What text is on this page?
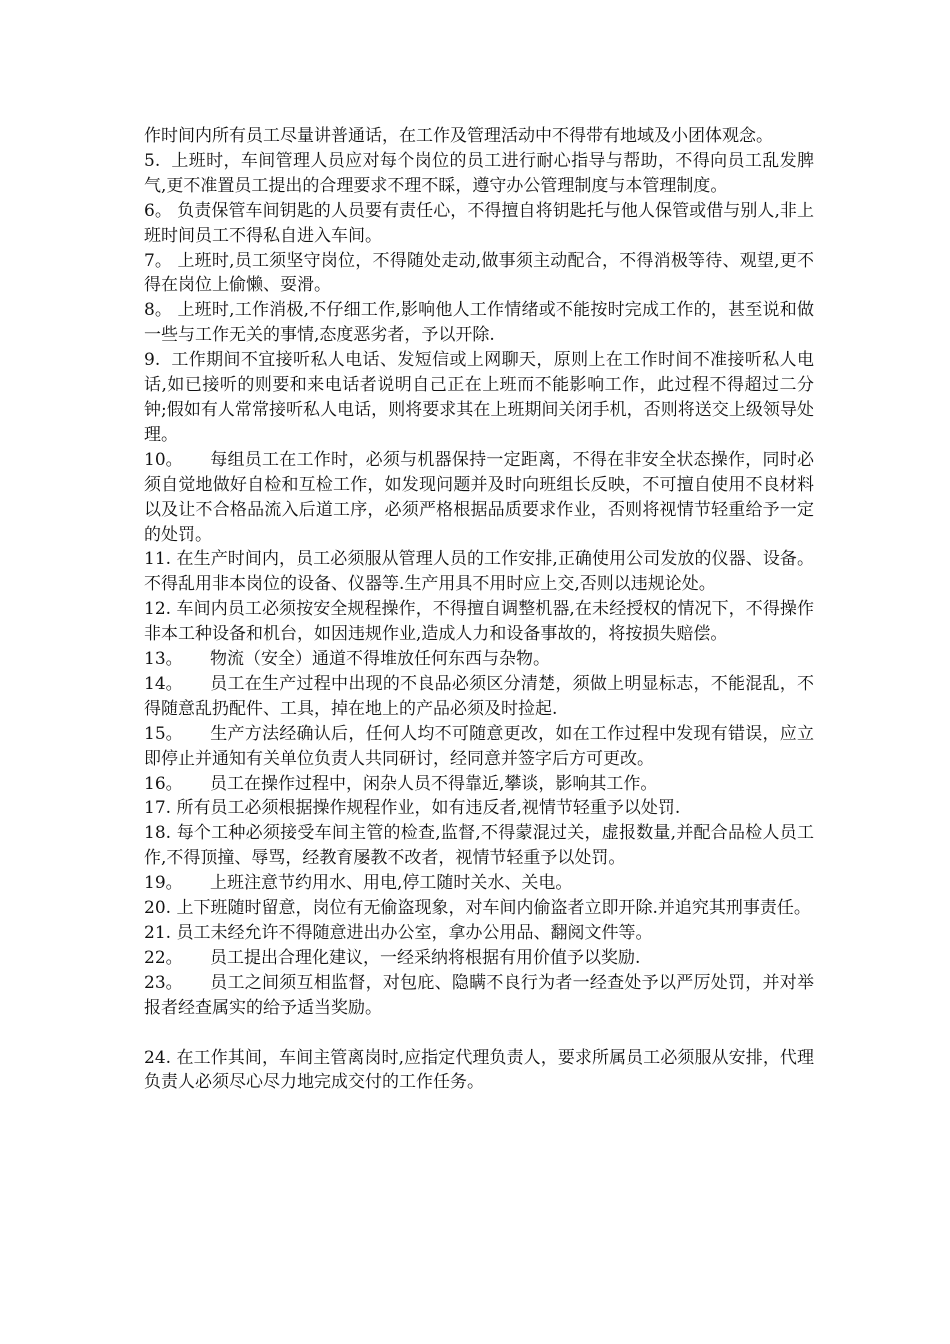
作时间内所有员工尽量讲普通话，在工作及管理活动中不得带有地域及小团体观念。

5.  上班时，车间管理人员应对每个岗位的员工进行耐心指导与帮助，不得向员工乱发脾气,更不准置员工提出的合理要求不理不睬，遵守办公管理制度与本管理制度。

6。 负责保管车间钥匙的人员要有责任心，不得擅自将钥匙托与他人保管或借与别人,非上班时间员工不得私自进入车间。

7。 上班时,员工须坚守岗位，不得随处走动,做事须主动配合，不得消极等待、观望,更不得在岗位上偷懒、耍滑。

8。 上班时,工作消极,不仔细工作,影响他人工作情绪或不能按时完成工作的，甚至说和做一些与工作无关的事情,态度恶劣者，予以开除.

9.  工作期间不宜接听私人电话、发短信或上网聊天，原则上在工作时间不准接听私人电话,如已接听的则要和来电话者说明自己正在上班而不能影响工作，此过程不得超过二分钟;假如有人常常接听私人电话，则将要求其在上班期间关闭手机，否则将送交上级领导处理。

10。 每组员工在工作时，必须与机器保持一定距离，不得在非安全状态操作，同时必须自觉地做好自检和互检工作，如发现问题并及时向班组长反映，不可擅自使用不良材料以及让不合格品流入后道工序，必须严格根据品质要求作业，否则将视情节轻重给予一定的处罚。

11. 在生产时间内，员工必须服从管理人员的工作安排,正确使用公司发放的仪器、设备。不得乱用非本岗位的设备、仪器等.生产用具不用时应上交,否则以违规论处。

12. 车间内员工必须按安全规程操作，不得擅自调整机器,在未经授权的情况下，不得操作非本工种设备和机台，如因违规作业,造成人力和设备事故的，将按损失赔偿。

13。 物流（安全）通道不得堆放任何东西与杂物。

14。 员工在生产过程中出现的不良品必须区分清楚，须做上明显标志，不能混乱，不得随意乱扔配件、工具，掉在地上的产品必须及时捡起.

15。 生产方法经确认后，任何人均不可随意更改，如在工作过程中发现有错误，应立即停止并通知有关单位负责人共同研讨，经同意并签字后方可更改。

16。 员工在操作过程中，闲杂人员不得靠近,攀谈，影响其工作。

17. 所有员工必须根据操作规程作业，如有违反者,视情节轻重予以处罚.

18. 每个工种必须接受车间主管的检查,监督,不得蒙混过关，虚报数量,并配合品检人员工作,不得顶撞、辱骂，经教育屡教不改者，视情节轻重予以处罚。

19。 上班注意节约用水、用电,停工随时关水、关电。

20. 上下班随时留意，岗位有无偷盗现象，对车间内偷盗者立即开除.并追究其刑事责任。

21. 员工未经允许不得随意进出办公室，拿办公用品、翻阅文件等。

22。 员工提出合理化建议，一经采纳将根据有用价值予以奖励.

23。 员工之间须互相监督，对包庇、隐瞒不良行为者一经查处予以严厉处罚，并对举报者经查属实的给予适当奖励。

24. 在工作其间，车间主管离岗时,应指定代理负责人，要求所属员工必须服从安排，代理负责人必须尽心尽力地完成交付的工作任务。
